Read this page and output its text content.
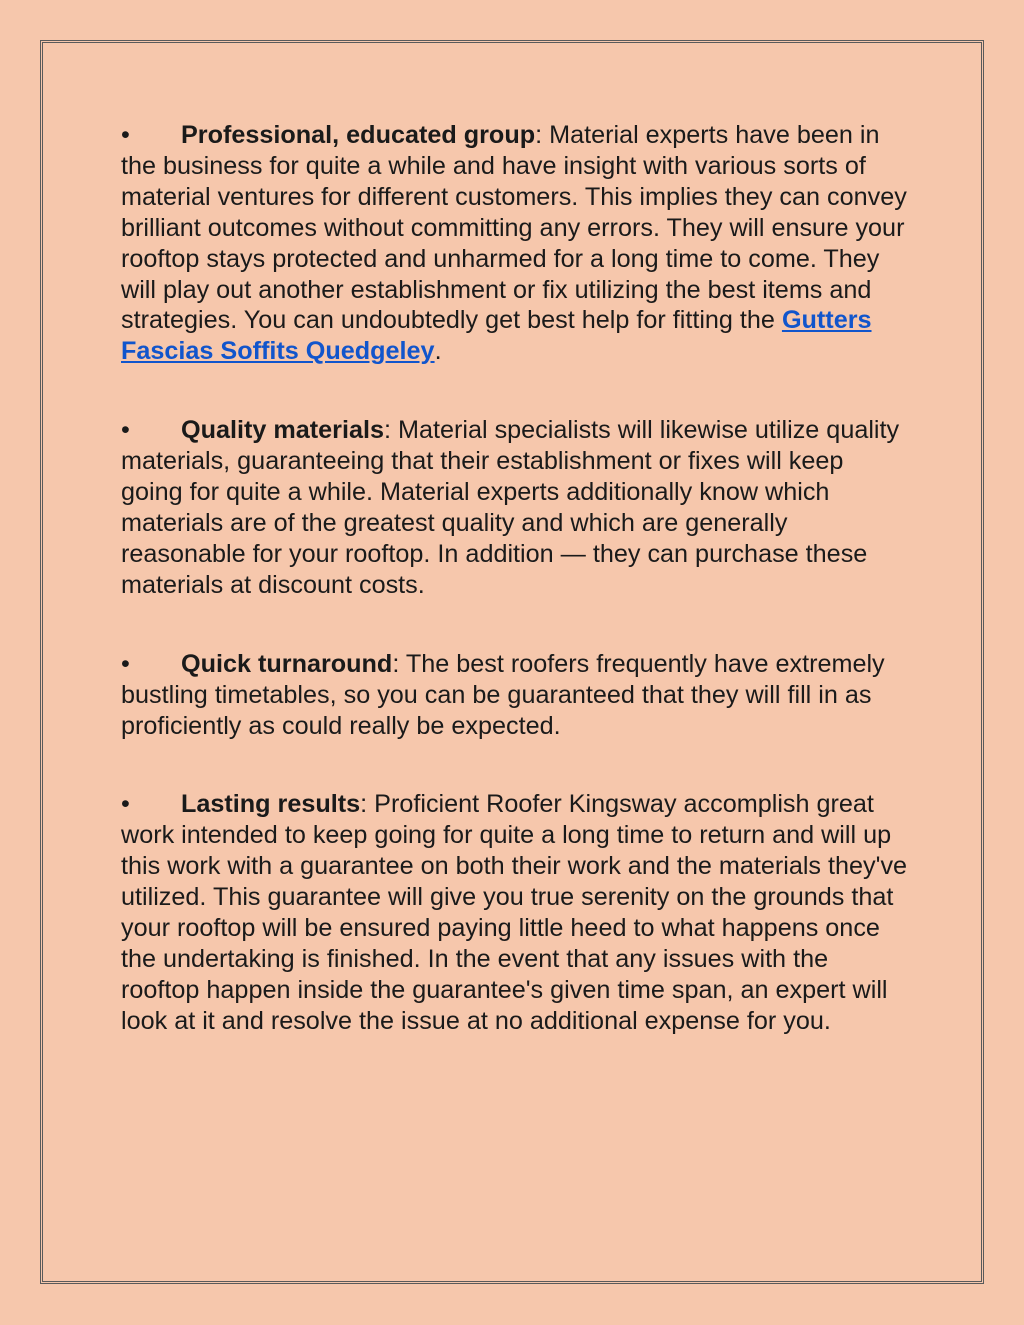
• Professional, educated group: Material experts have been in the business for quite a while and have insight with various sorts of material ventures for different customers. This implies they can convey brilliant outcomes without committing any errors. They will ensure your rooftop stays protected and unharmed for a long time to come. They will play out another establishment or fix utilizing the best items and strategies. You can undoubtedly get best help for fitting the Gutters Fascias Soffits Quedgeley.

• Quality materials: Material specialists will likewise utilize quality materials, guaranteeing that their establishment or fixes will keep going for quite a while. Material experts additionally know which materials are of the greatest quality and which are generally reasonable for your rooftop. In addition — they can purchase these materials at discount costs.

• Quick turnaround: The best roofers frequently have extremely bustling timetables, so you can be guaranteed that they will fill in as proficiently as could really be expected.

• Lasting results: Proficient Roofer Kingsway accomplish great work intended to keep going for quite a long time to return and will up this work with a guarantee on both their work and the materials they've utilized. This guarantee will give you true serenity on the grounds that your rooftop will be ensured paying little heed to what happens once the undertaking is finished. In the event that any issues with the rooftop happen inside the guarantee's given time span, an expert will look at it and resolve the issue at no additional expense for you.
